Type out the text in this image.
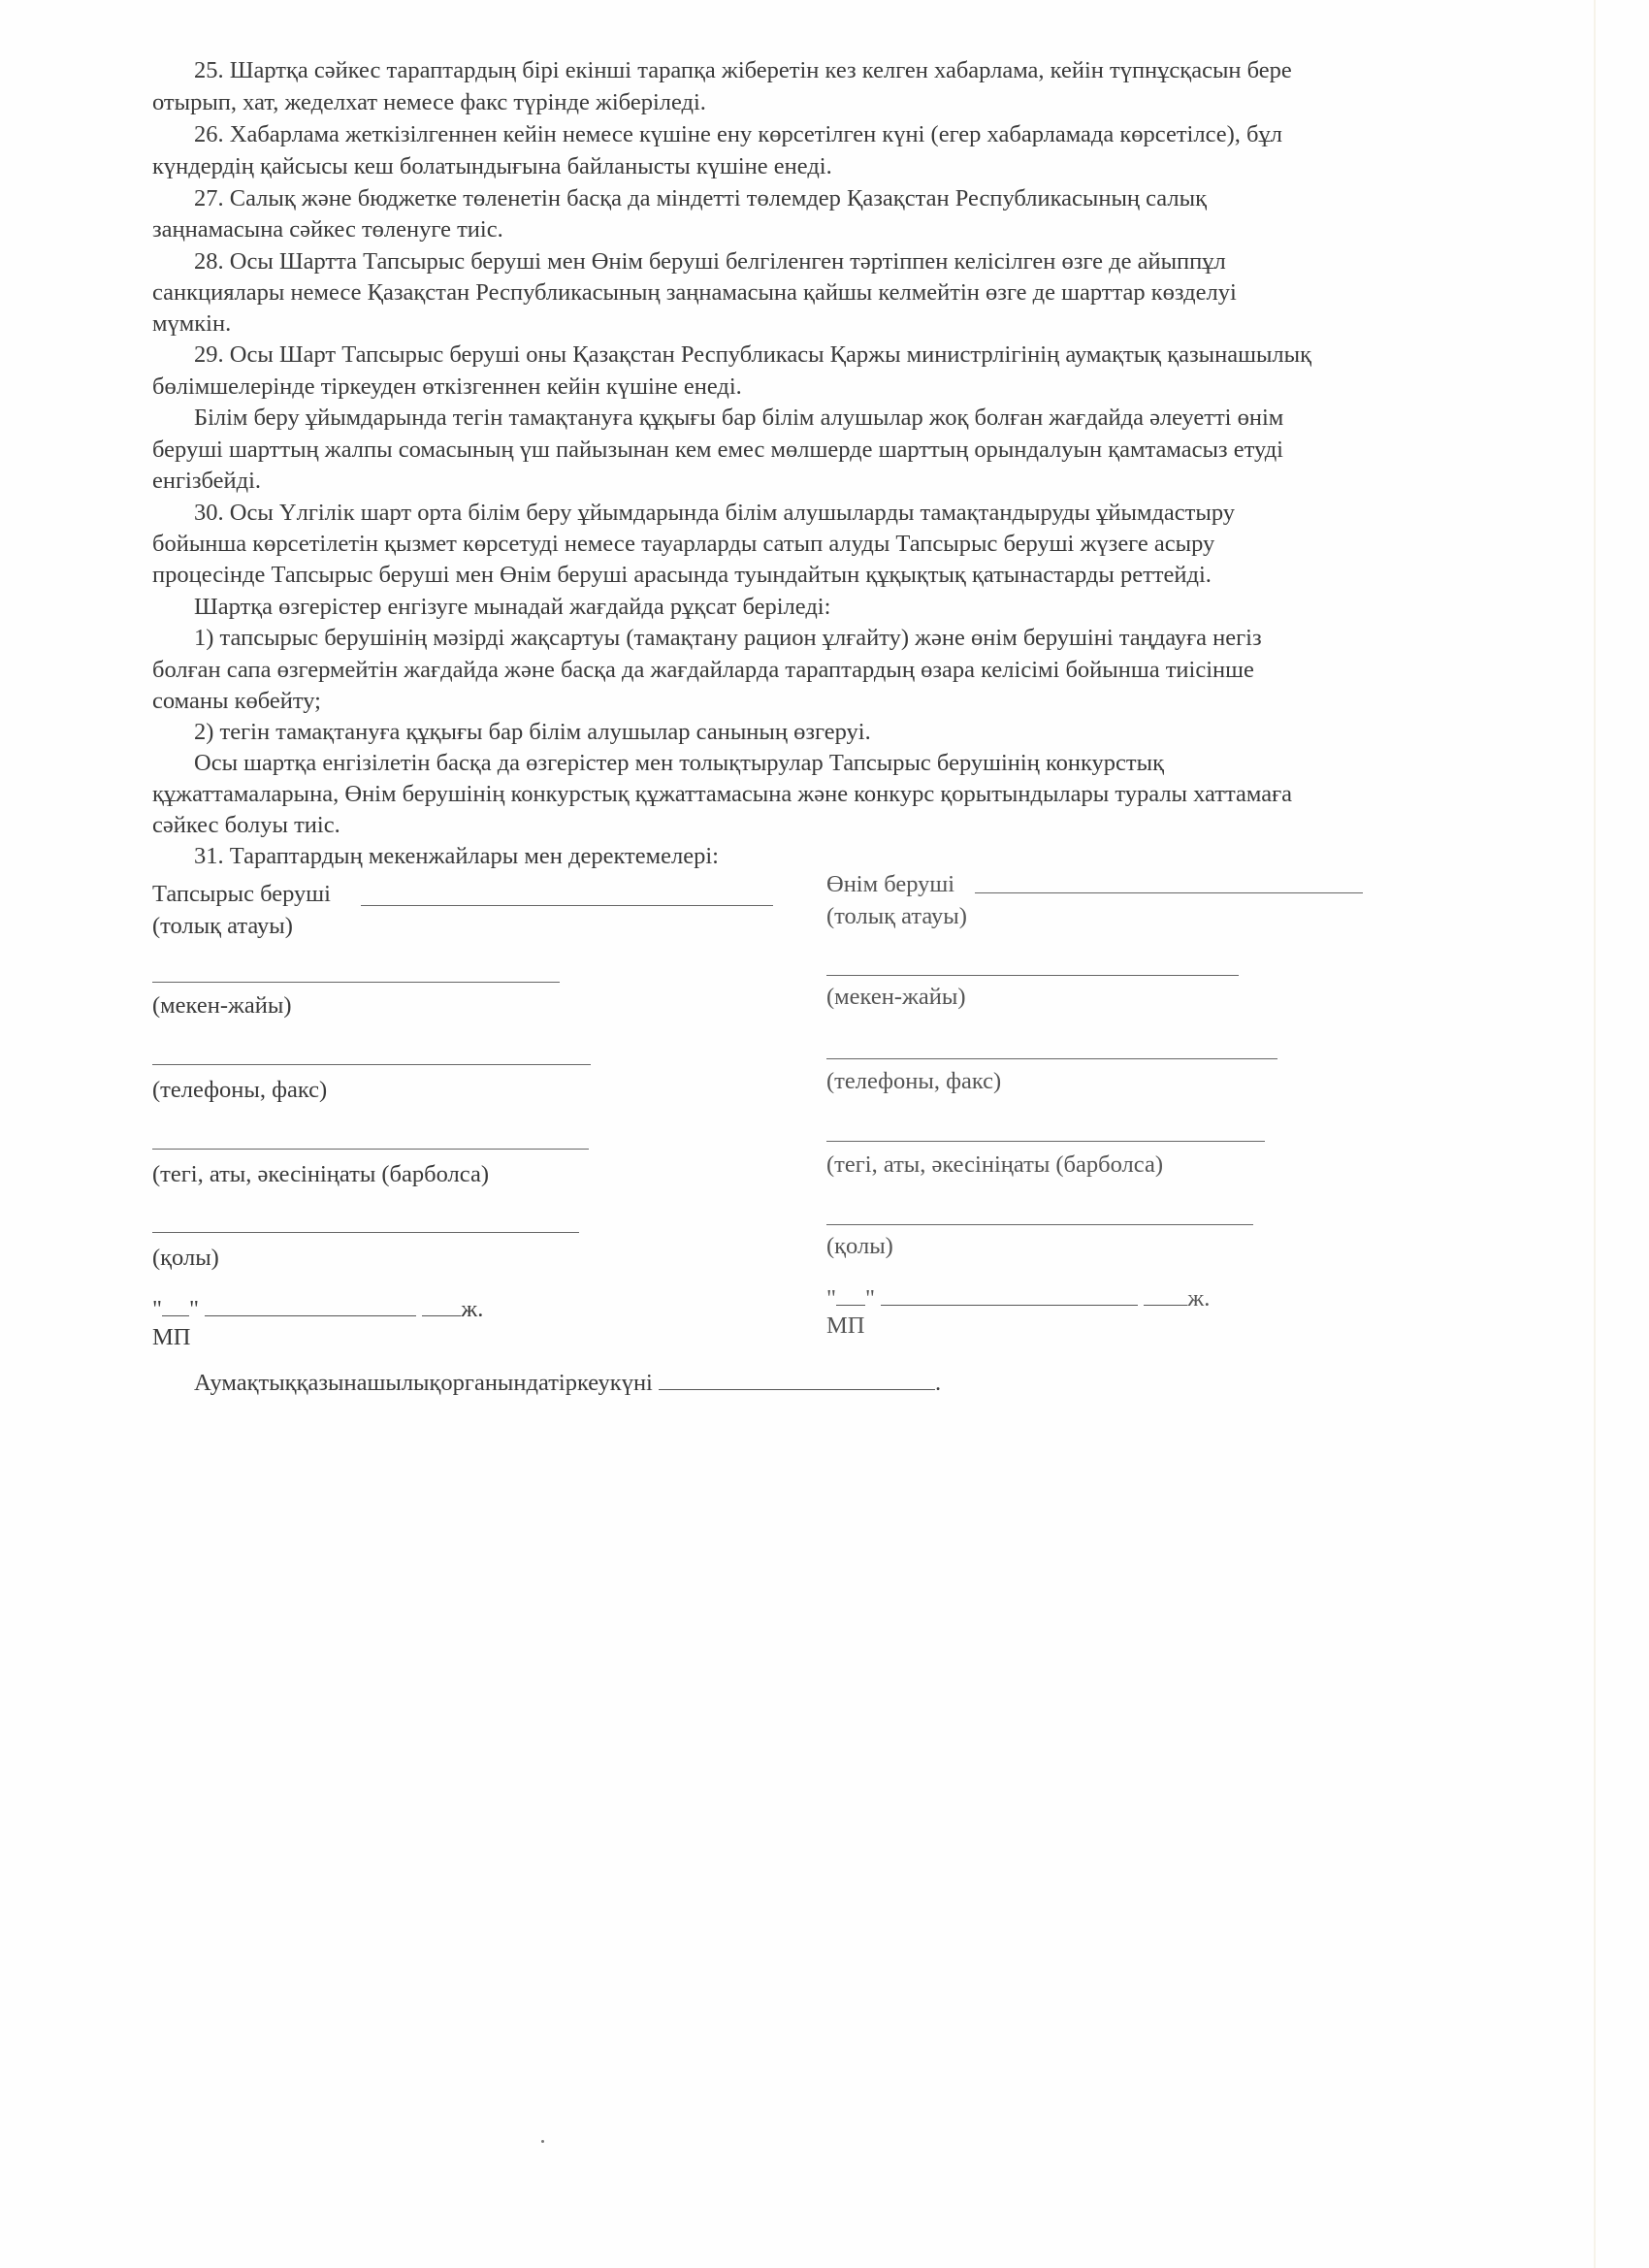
25. Шартқа сәйкес тараптардың бірі екінші тарапқа жіберетін кез келген хабарлама, кейін түпнұсқасын бере
отырып, хат, жеделхат немесе факс түрінде жіберіледі.
26. Хабарлама жеткізілгеннен кейін немесе күшіне ену көрсетілген күні (егер хабарламада көрсетілсе), бұл
күндердің қайсысы кеш болатындығына байланысты күшіне енеді.
27. Салық және бюджетке төленетін басқа да міндетті төлемдер Қазақстан Республикасының салық
заңнамасына сәйкес төленуге тиіс.
28. Осы Шартта Тапсырыс беруші мен Өнім беруші белгіленген тәртіппен келісілген өзге де айыппұл
санкциялары немесе Қазақстан Республикасының заңнамасына қайшы келмейтін өзге де шарттар көзделуі
мүмкін.
29. Осы Шарт Тапсырыс беруші оны Қазақстан Республикасы Қаржы министрлігінің аумақтық қазынашылық
бөлімшелерінде тіркеуден өткізгеннен кейін күшіне енеді.
Білім беру ұйымдарында тегін тамақтануға құқығы бар білім алушылар жоқ болған жағдайда әлеуетті өнім
беруші шарттың жалпы сомасының үш пайызынан кем емес мөлшерде шарттың орындалуын қамтамасыз етуді
енгізбейді.
30. Осы Үлгілік шарт орта білім беру ұйымдарында білім алушыларды тамақтандыруды ұйымдастыру
бойынша көрсетілетін қызмет көрсетуді немесе тауарларды сатып алуды Тапсырыс беруші жүзеге асыру
процесінде Тапсырыс беруші мен Өнім беруші арасында туындайтын құқықтық қатынастарды реттейді.
Шартқа өзгерістер енгізуге мынадай жағдайда рұқсат беріледі:
1) тапсырыс берушінің мәзірді жақсартуы (тамақтану рацион ұлғайту) және өнім берушіні таңдауға негіз
болған сапа өзгермейтін жағдайда және басқа да жағдайларда тараптардың өзара келісімі бойынша тиісінше
соманы көбейту;
2) тегін тамақтануға құқығы бар білім алушылар санының өзгеруі.
Осы шартқа енгізілетін басқа да өзгерістер мен толықтырулар Тапсырыс берушінің конкурстық
құжаттамаларына, Өнім берушінің конкурстық құжаттамасына және конкурс қорытындылары туралы хаттамаға
сәйкес болуы тиіс.
31. Тараптардың мекенжайлары мен деректемелері:
Тапсырыс беруші
(толық атауы)
(мекен-жайы)
(телефоны, факс)
(тегі, аты, әкесініңаты (барболса)
(қолы)
" "	ж.
МП
Өнім беруші
(толық атауы)
(мекен-жайы)
(телефоны, факс)
(тегі, аты, әкесініңаты (барболса)
(қолы)
" "	ж.
МП
Аумақтыққазынашылықорганындатіркеукүні	.
